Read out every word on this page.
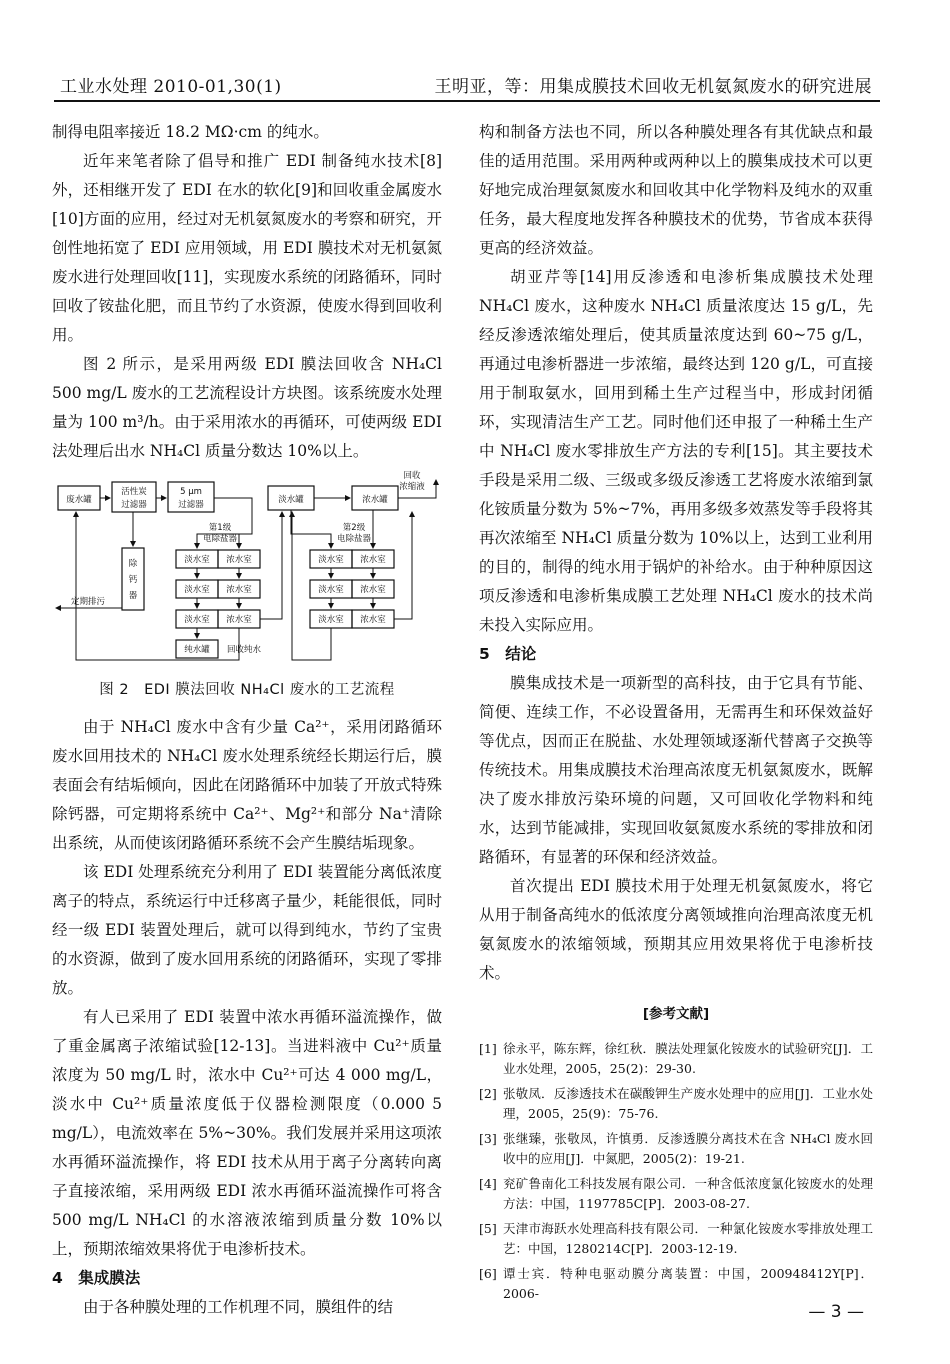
工业水处理 2010-01,30(1)	王明亚，等：用集成膜技术回收无机氨氮废水的研究进展

制得电阻率接近 18.2 MΩ·cm 的纯水。

近年来笔者除了倡导和推广 EDI 制备纯水技术[8]外，还相继开发了 EDI 在水的软化[9]和回收重金属废水[10]方面的应用，经过对无机氨氮废水的考察和研究，开创性地拓宽了 EDI 应用领域，用 EDI 膜技术对无机氨氮废水进行处理回收[11]，实现废水系统的闭路循环，同时回收了铵盐化肥，而且节约了水资源，使废水得到回收利用。

图 2 所示，是采用两级 EDI 膜法回收含 NH₄Cl 500 mg/L 废水的工艺流程设计方块图。该系统废水处理量为 100 m³/h。由于采用浓水的再循环，可使两级 EDI 法处理后出水 NH₄Cl 质量分数达 10%以上。

废水罐
活性炭
过滤器
5 μm
过滤器	淡水罐	浓水罐
回收
浓缩液
第1级
电除盐器
第2级
电除盐器
除
钙
器
淡水室 浓水室
淡水室 浓水室
淡水室 浓水室
淡水室 浓水室
淡水室 浓水室
淡水室 浓水室
纯水罐 回收纯水
定期排污
图 2　EDI 膜法回收 NH₄Cl 废水的工艺流程

由于 NH₄Cl 废水中含有少量 Ca²⁺，采用闭路循环废水回用技术的 NH₄Cl 废水处理系统经长期运行后，膜表面会有结垢倾向，因此在闭路循环中加装了开放式特殊除钙器，可定期将系统中 Ca²⁺、Mg²⁺和部分 Na⁺清除出系统，从而使该闭路循环系统不会产生膜结垢现象。

该 EDI 处理系统充分利用了 EDI 装置能分离低浓度离子的特点，系统运行中迁移离子量少，耗能很低，同时经一级 EDI 装置处理后，就可以得到纯水，节约了宝贵的水资源，做到了废水回用系统的闭路循环，实现了零排放。

有人已采用了 EDI 装置中浓水再循环溢流操作，做了重金属离子浓缩试验[12-13]。当进料液中 Cu²⁺质量浓度为 50 mg/L 时，浓水中 Cu²⁺可达 4 000 mg/L，淡水中 Cu²⁺质量浓度低于仪器检测限度（0.000 5 mg/L），电流效率在 5%~30%。我们发展并采用这项浓水再循环溢流操作，将 EDI 技术从用于离子分离转向离子直接浓缩，采用两级 EDI 浓水再循环溢流操作可将含 500 mg/L NH₄Cl 的水溶液浓缩到质量分数 10%以上，预期浓缩效果将优于电渗析技术。

4　集成膜法

由于各种膜处理的工作机理不同，膜组件的结

构和制备方法也不同，所以各种膜处理各有其优缺点和最佳的适用范围。采用两种或两种以上的膜集成技术可以更好地完成治理氨氮废水和回收其中化学物料及纯水的双重任务，最大程度地发挥各种膜技术的优势，节省成本获得更高的经济效益。

胡亚芹等[14]用反渗透和电渗析集成膜技术处理 NH₄Cl 废水，这种废水 NH₄Cl 质量浓度达 15 g/L，先经反渗透浓缩处理后，使其质量浓度达到 60~75 g/L，再通过电渗析器进一步浓缩，最终达到 120 g/L，可直接用于制取氨水，回用到稀土生产过程当中，形成封闭循环，实现清洁生产工艺。同时他们还申报了一种稀土生产中 NH₄Cl 废水零排放生产方法的专利[15]。其主要技术手段是采用二级、三级或多级反渗透工艺将废水浓缩到氯化铵质量分数为 5%~7%，再用多级多效蒸发等手段将其再次浓缩至 NH₄Cl 质量分数为 10%以上，达到工业利用的目的，制得的纯水用于锅炉的补给水。由于种种原因这项反渗透和电渗析集成膜工艺处理 NH₄Cl 废水的技术尚未投入实际应用。

5　结论

膜集成技术是一项新型的高科技，由于它具有节能、简便、连续工作，不必设置备用，无需再生和环保效益好等优点，因而正在脱盐、水处理领域逐渐代替离子交换等传统技术。用集成膜技术治理高浓度无机氨氮废水，既解决了废水排放污染环境的问题，又可回收化学物料和纯水，达到节能减排，实现回收氨氮废水系统的零排放和闭路循环，有显著的环保和经济效益。

首次提出 EDI 膜技术用于处理无机氨氮废水，将它从用于制备高纯水的低浓度分离领域推向治理高浓度无机氨氮废水的浓缩领域，预期其应用效果将优于电渗析技术。

[参考文献]
[1] 徐永平，陈东辉，徐红秋．膜法处理氯化铵废水的试验研究[J]．工业水处理，2005，25(2)：29-30.
[2] 张敬凤．反渗透技术在碳酸钾生产废水处理中的应用[J]．工业水处理，2005，25(9)：75-76.
[3] 张继臻，张敬凤，许慎勇．反渗透膜分离技术在含 NH₄Cl 废水回收中的应用[J]．中氮肥，2005(2)：19-21.
[4] 兖矿鲁南化工科技发展有限公司．一种含低浓度氯化铵废水的处理方法：中国，1197785C[P]．2003-08-27.
[5] 天津市海跃水处理高科技有限公司．一种氯化铵废水零排放处理工艺：中国，1280214C[P]．2003-12-19.
[6] 谭士宾．特种电驱动膜分离装置：中国，200948412Y[P]．2006-
— 3 —
